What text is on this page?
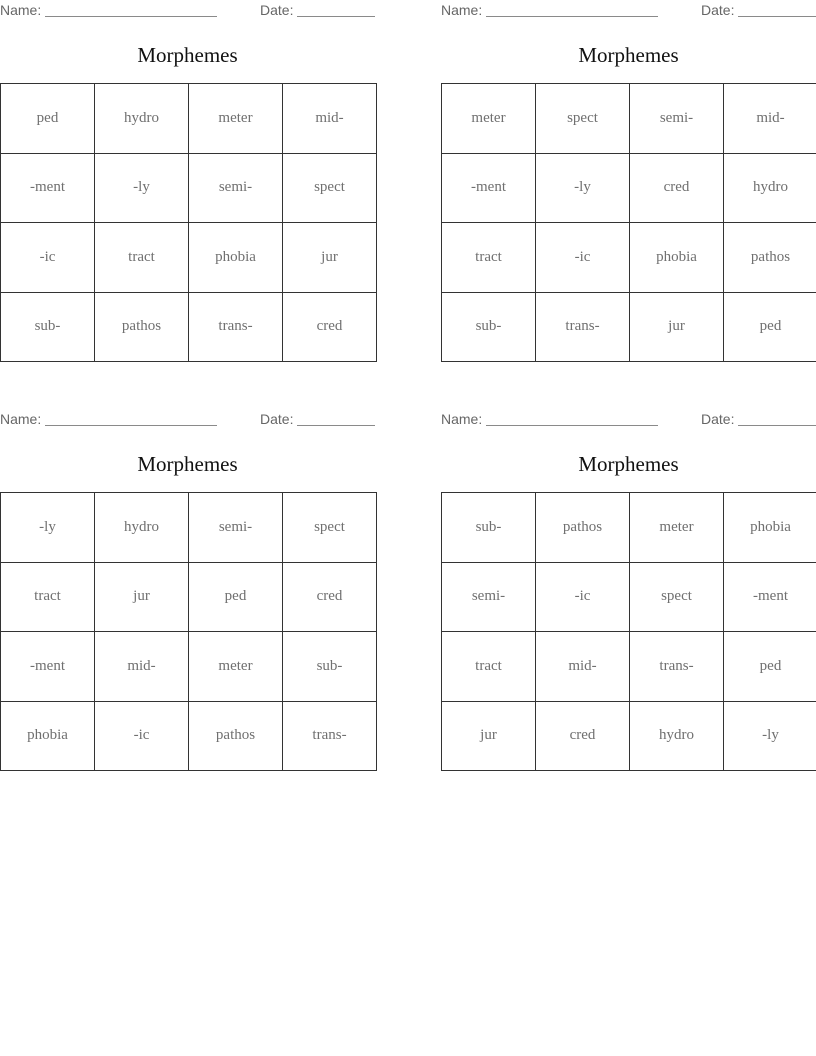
Name:	Date:
Morphemes
ped	hydro	meter	mid-
-ment	-ly	semi-	spect
-ic	tract	phobia	jur
sub-	pathos	trans-	cred
Name:	Date:
Morphemes
meter	spect	semi-	mid-
-ment	-ly	cred	hydro
tract	-ic	phobia	pathos
sub-	trans-	jur	ped
Name:	Date:
Morphemes
-ly	hydro	semi-	spect
tract	jur	ped	cred
-ment	mid-	meter	sub-
phobia	-ic	pathos	trans-
Name:	Date:
Morphemes
sub-	pathos	meter	phobia
semi-	-ic	spect	-ment
tract	mid-	trans-	ped
jur	cred	hydro	-ly
